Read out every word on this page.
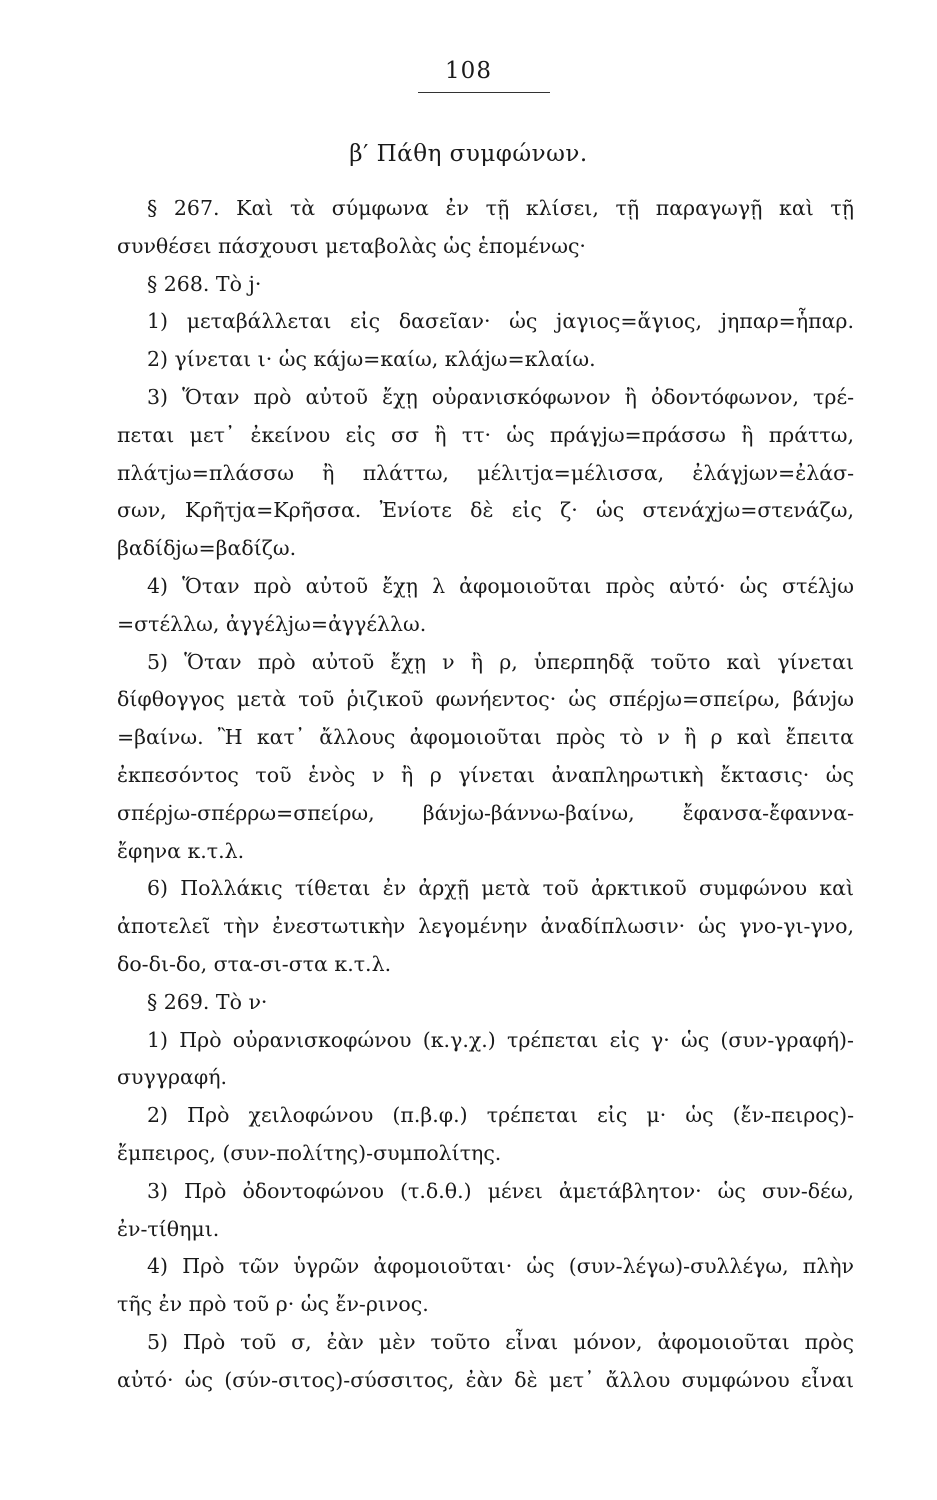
108
β′ Πάθη συμφώνων.
§ 267. Καὶ τὰ σύμφωνα ἐν τῇ κλίσει, τῇ παραγωγῇ καὶ τῇ
συνθέσει πάσχουσι μεταβολὰς ὡς ἑπομένως·
§ 268. Τὸ j·
1) μεταβάλλεται εἰς δασεῖαν· ὡς jαγιος=ἅγιος, jηπαρ=ἧπαρ.
2) γίνεται ι· ὡς κάjω=καίω, κλάjω=κλαίω.
3) Ὅταν πρὸ αὐτοῦ ἔχῃ οὐρανισκόφωνον ἢ ὀδοντόφωνον, τρέ-
πεται μετ᾽ ἐκείνου εἰς σσ ἢ ττ· ὡς πράγjω=πράσσω ἢ πράττω,
πλάτjω=πλάσσω ἢ πλάττω, μέλιτjα=μέλισσα, ἐλάγjων=ἐλάσ-
σων, Κρῆτjα=Κρῆσσα. Ἐνίοτε δὲ εἰς ζ· ὡς στενάχjω=στενάζω,
βαδίδjω=βαδίζω.
4) Ὅταν πρὸ αὐτοῦ ἔχῃ λ ἀφομοιοῦται πρὸς αὐτό· ὡς στέλjω
=στέλλω, ἀγγέλjω=ἀγγέλλω.
5) Ὅταν πρὸ αὐτοῦ ἔχῃ ν ἢ ρ, ὑπερπηδᾷ τοῦτο καὶ γίνεται
δίφθογγος μετὰ τοῦ ῥιζικοῦ φωνήεντος· ὡς σπέρjω=σπείρω, βάνjω
=βαίνω. Ἢ κατ᾽ ἄλλους ἀφομοιοῦται πρὸς τὸ ν ἢ ρ καὶ ἔπειτα
ἐκπεσόντος τοῦ ἑνὸς ν ἢ ρ γίνεται ἀναπληρωτικὴ ἔκτασις· ὡς
σπέρjω-σπέρρω=σπείρω, βάνjω-βάννω-βαίνω, ἔφανσα-ἔφαννα-
ἔφηνα κ.τ.λ.
6) Πολλάκις τίθεται ἐν ἀρχῇ μετὰ τοῦ ἀρκτικοῦ συμφώνου καὶ
ἀποτελεῖ τὴν ἐνεστωτικὴν λεγομένην ἀναδίπλωσιν· ὡς γνο-γι-γνο,
δο-δι-δο, στα-σι-στα κ.τ.λ.
§ 269. Τὸ ν·
1) Πρὸ οὐρανισκοφώνου (κ.γ.χ.) τρέπεται εἰς γ· ὡς (συν-γραφή)-
συγγραφή.
2) Πρὸ χειλοφώνου (π.β.φ.) τρέπεται εἰς μ· ὡς (ἔν-πειρος)-
ἔμπειρος, (συν-πολίτης)-συμπολίτης.
3) Πρὸ ὀδοντοφώνου (τ.δ.θ.) μένει ἀμετάβλητον· ὡς συν-δέω,
ἐν-τίθημι.
4) Πρὸ τῶν ὑγρῶν ἀφομοιοῦται· ὡς (συν-λέγω)-συλλέγω, πλὴν
τῆς ἐν πρὸ τοῦ ρ· ὡς ἔν-ρινος.
5) Πρὸ τοῦ σ, ἐὰν μὲν τοῦτο εἶναι μόνον, ἀφομοιοῦται πρὸς
αὐτό· ὡς (σύν-σιτος)-σύσσιτος, ἐὰν δὲ μετ᾽ ἄλλου συμφώνου εἶναι
